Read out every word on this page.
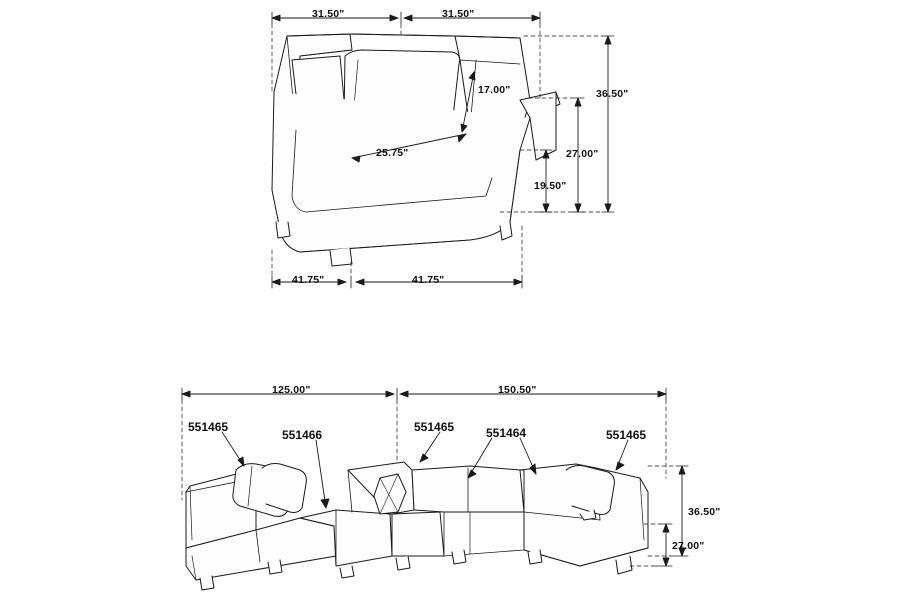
31.50"	31.50"
17.00"	36.50"
25.75"	27.00"
19.50"
41.75"	41.75"
125.00"	150.50"
36.50"
27.00"
551465
551466
551465	551464	551465
